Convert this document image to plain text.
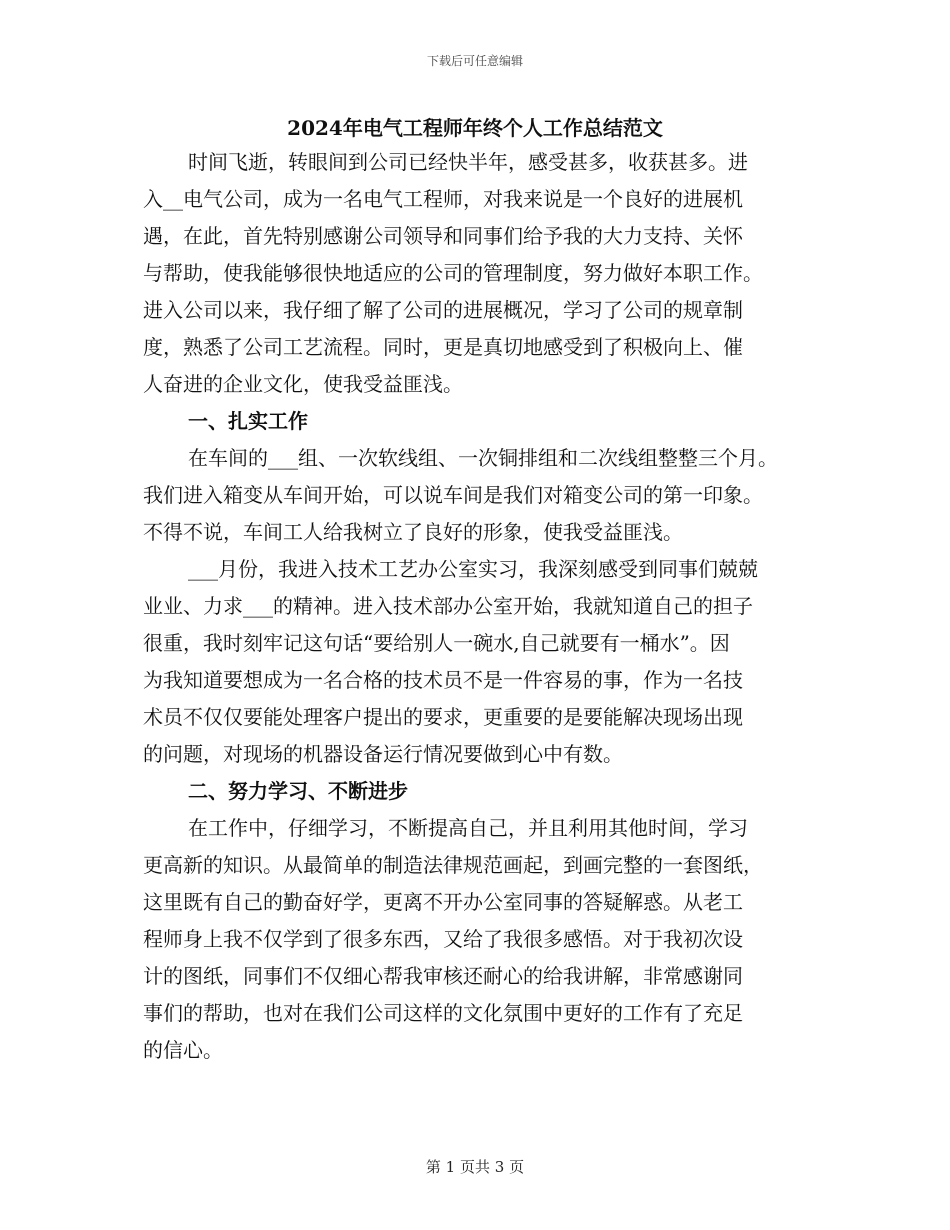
下载后可任意编辑
2024年电气工程师年终个人工作总结范文
时间飞逝，转眼间到公司已经快半年，感受甚多，收获甚多。进
入__电气公司，成为一名电气工程师，对我来说是一个良好的进展机
遇，在此，首先特别感谢公司领导和同事们给予我的大力支持、关怀
与帮助，使我能够很快地适应的公司的管理制度，努力做好本职工作。
进入公司以来，我仔细了解了公司的进展概况，学习了公司的规章制
度，熟悉了公司工艺流程。同时，更是真切地感受到了积极向上、催
人奋进的企业文化，使我受益匪浅。
一、扎实工作
在车间的___组、一次软线组、一次铜排组和二次线组整整三个月。
我们进入箱变从车间开始，可以说车间是我们对箱变公司的第一印象。
不得不说，车间工人给我树立了良好的形象，使我受益匪浅。
___月份，我进入技术工艺办公室实习，我深刻感受到同事们兢兢
业业、力求___的精神。进入技术部办公室开始，我就知道自己的担子
很重，我时刻牢记这句话“要给别人一碗水,自己就要有一桶水”。因
为我知道要想成为一名合格的技术员不是一件容易的事，作为一名技
术员不仅仅要能处理客户提出的要求，更重要的是要能解决现场出现
的问题，对现场的机器设备运行情况要做到心中有数。
二、努力学习、不断进步
在工作中，仔细学习，不断提高自己，并且利用其他时间，学习
更高新的知识。从最简单的制造法律规范画起，到画完整的一套图纸，
这里既有自己的勤奋好学，更离不开办公室同事的答疑解惑。从老工
程师身上我不仅学到了很多东西，又给了我很多感悟。对于我初次设
计的图纸，同事们不仅细心帮我审核还耐心的给我讲解，非常感谢同
事们的帮助，也对在我们公司这样的文化氛围中更好的工作有了充足
的信心。
第 1 页共 3 页
